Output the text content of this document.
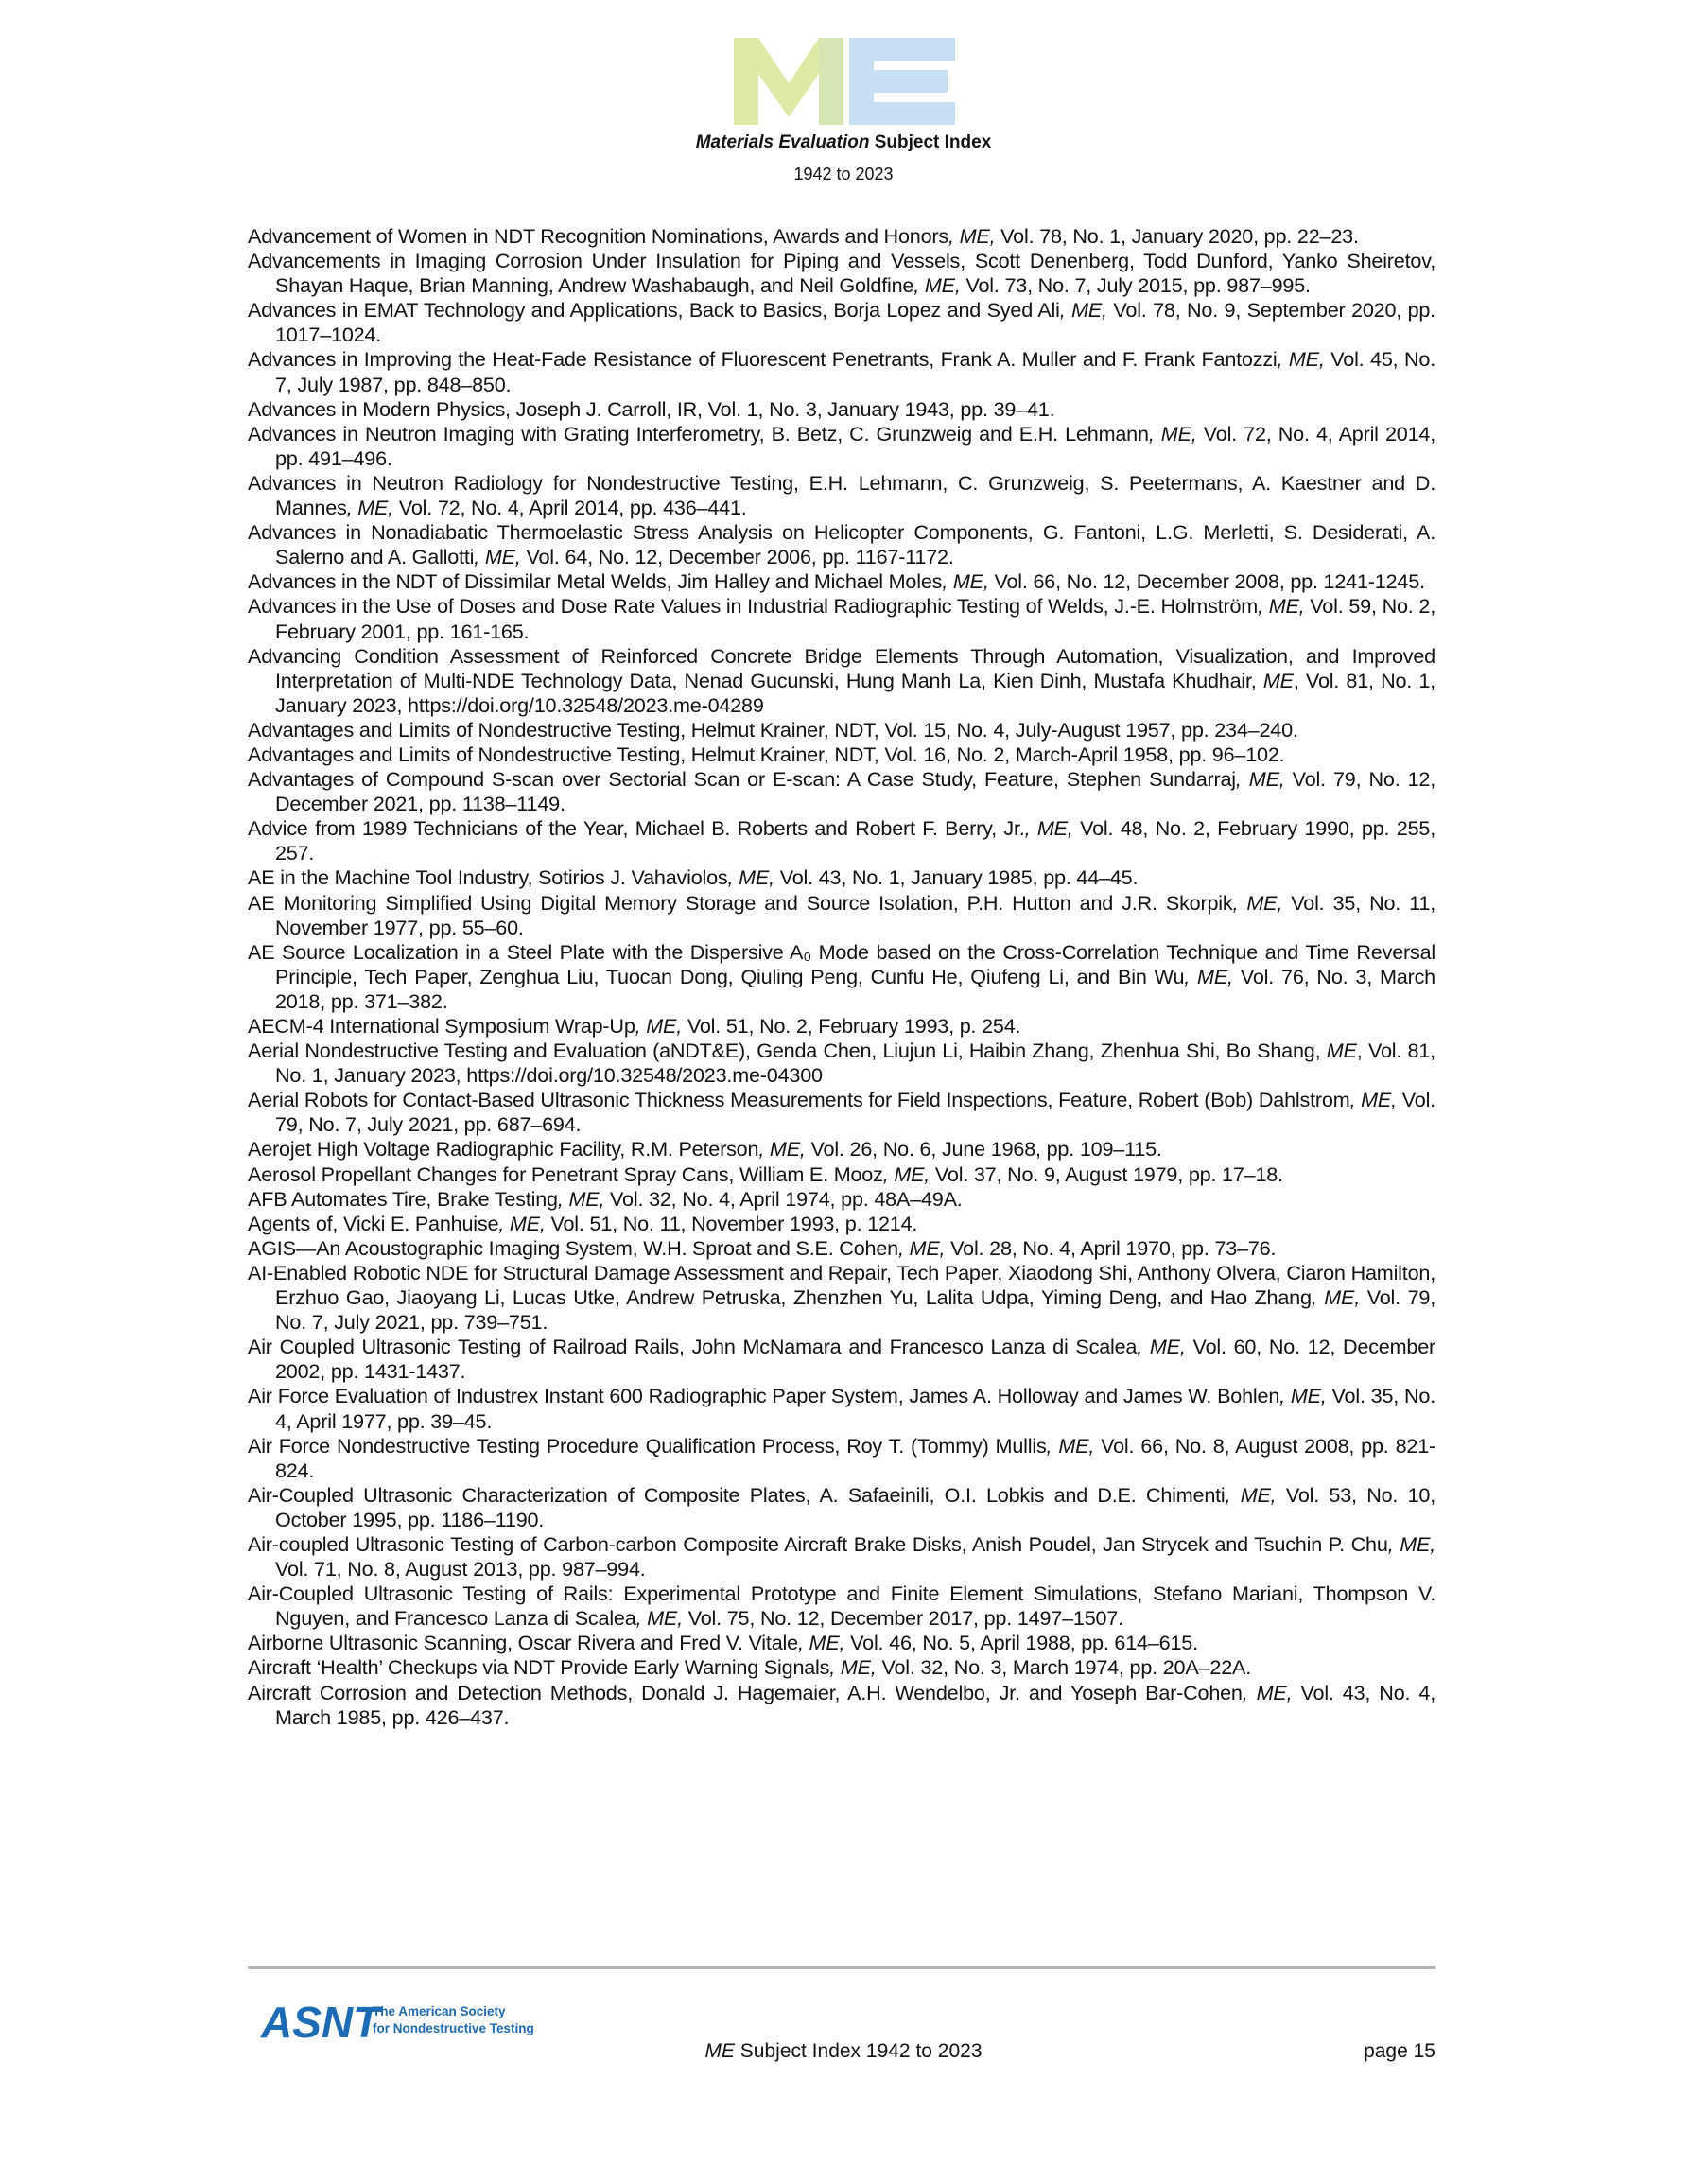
Materials Evaluation Subject Index
1942 to 2023
Advancement of Women in NDT Recognition Nominations, Awards and Honors, ME, Vol. 78, No. 1, January 2020, pp. 22–23.
Advancements in Imaging Corrosion Under Insulation for Piping and Vessels, Scott Denenberg, Todd Dunford, Yanko Sheiretov, Shayan Haque, Brian Manning, Andrew Washabaugh, and Neil Goldfine, ME, Vol. 73, No. 7, July 2015, pp. 987–995.
Advances in EMAT Technology and Applications, Back to Basics, Borja Lopez and Syed Ali, ME, Vol. 78, No. 9, September 2020, pp. 1017–1024.
Advances in Improving the Heat-Fade Resistance of Fluorescent Penetrants, Frank A. Muller and F. Frank Fantozzi, ME, Vol. 45, No. 7, July 1987, pp. 848–850.
Advances in Modern Physics, Joseph J. Carroll, IR, Vol. 1, No. 3, January 1943, pp. 39–41.
Advances in Neutron Imaging with Grating Interferometry, B. Betz, C. Grunzweig and E.H. Lehmann, ME, Vol. 72, No. 4, April 2014, pp. 491–496.
Advances in Neutron Radiology for Nondestructive Testing, E.H. Lehmann, C. Grunzweig, S. Peetermans, A. Kaestner and D. Mannes, ME, Vol. 72, No. 4, April 2014, pp. 436–441.
Advances in Nonadiabatic Thermoelastic Stress Analysis on Helicopter Components, G. Fantoni, L.G. Merletti, S. Desiderati, A. Salerno and A. Gallotti, ME, Vol. 64, No. 12, December 2006, pp. 1167-1172.
Advances in the NDT of Dissimilar Metal Welds, Jim Halley and Michael Moles, ME, Vol. 66, No. 12, December 2008, pp. 1241-1245.
Advances in the Use of Doses and Dose Rate Values in Industrial Radiographic Testing of Welds, J.-E. Holmström, ME, Vol. 59, No. 2, February 2001, pp. 161-165.
Advancing Condition Assessment of Reinforced Concrete Bridge Elements Through Automation, Visualization, and Improved Interpretation of Multi-NDE Technology Data, Nenad Gucunski, Hung Manh La, Kien Dinh, Mustafa Khudhair, ME, Vol. 81, No. 1, January 2023, https://doi.org/10.32548/2023.me-04289
Advantages and Limits of Nondestructive Testing, Helmut Krainer, NDT, Vol. 15, No. 4, July-August 1957, pp. 234–240.
Advantages and Limits of Nondestructive Testing, Helmut Krainer, NDT, Vol. 16, No. 2, March-April 1958, pp. 96–102.
Advantages of Compound S-scan over Sectorial Scan or E-scan: A Case Study, Feature, Stephen Sundarraj, ME, Vol. 79, No. 12, December 2021, pp. 1138–1149.
Advice from 1989 Technicians of the Year, Michael B. Roberts and Robert F. Berry, Jr., ME, Vol. 48, No. 2, February 1990, pp. 255, 257.
AE in the Machine Tool Industry, Sotirios J. Vahaviolos, ME, Vol. 43, No. 1, January 1985, pp. 44–45.
AE Monitoring Simplified Using Digital Memory Storage and Source Isolation, P.H. Hutton and J.R. Skorpik, ME, Vol. 35, No. 11, November 1977, pp. 55–60.
AE Source Localization in a Steel Plate with the Dispersive A₀ Mode based on the Cross-Correlation Technique and Time Reversal Principle, Tech Paper, Zenghua Liu, Tuocan Dong, Qiuling Peng, Cunfu He, Qiufeng Li, and Bin Wu, ME, Vol. 76, No. 3, March 2018, pp. 371–382.
AECM-4 International Symposium Wrap-Up, ME, Vol. 51, No. 2, February 1993, p. 254.
Aerial Nondestructive Testing and Evaluation (aNDT&E), Genda Chen, Liujun Li, Haibin Zhang, Zhenhua Shi, Bo Shang, ME, Vol. 81, No. 1, January 2023, https://doi.org/10.32548/2023.me-04300
Aerial Robots for Contact-Based Ultrasonic Thickness Measurements for Field Inspections, Feature, Robert (Bob) Dahlstrom, ME, Vol. 79, No. 7, July 2021, pp. 687–694.
Aerojet High Voltage Radiographic Facility, R.M. Peterson, ME, Vol. 26, No. 6, June 1968, pp. 109–115.
Aerosol Propellant Changes for Penetrant Spray Cans, William E. Mooz, ME, Vol. 37, No. 9, August 1979, pp. 17–18.
AFB Automates Tire, Brake Testing, ME, Vol. 32, No. 4, April 1974, pp. 48A–49A.
Agents of, Vicki E. Panhuise, ME, Vol. 51, No. 11, November 1993, p. 1214.
AGIS—An Acoustographic Imaging System, W.H. Sproat and S.E. Cohen, ME, Vol. 28, No. 4, April 1970, pp. 73–76.
AI-Enabled Robotic NDE for Structural Damage Assessment and Repair, Tech Paper, Xiaodong Shi, Anthony Olvera, Ciaron Hamilton, Erzhuo Gao, Jiaoyang Li, Lucas Utke, Andrew Petruska, Zhenzhen Yu, Lalita Udpa, Yiming Deng, and Hao Zhang, ME, Vol. 79, No. 7, July 2021, pp. 739–751.
Air Coupled Ultrasonic Testing of Railroad Rails, John McNamara and Francesco Lanza di Scalea, ME, Vol. 60, No. 12, December 2002, pp. 1431-1437.
Air Force Evaluation of Industrex Instant 600 Radiographic Paper System, James A. Holloway and James W. Bohlen, ME, Vol. 35, No. 4, April 1977, pp. 39–45.
Air Force Nondestructive Testing Procedure Qualification Process, Roy T. (Tommy) Mullis, ME, Vol. 66, No. 8, August 2008, pp. 821-824.
Air-Coupled Ultrasonic Characterization of Composite Plates, A. Safaeinili, O.I. Lobkis and D.E. Chimenti, ME, Vol. 53, No. 10, October 1995, pp. 1186–1190.
Air-coupled Ultrasonic Testing of Carbon-carbon Composite Aircraft Brake Disks, Anish Poudel, Jan Strycek and Tsuchin P. Chu, ME, Vol. 71, No. 8, August 2013, pp. 987–994.
Air-Coupled Ultrasonic Testing of Rails: Experimental Prototype and Finite Element Simulations, Stefano Mariani, Thompson V. Nguyen, and Francesco Lanza di Scalea, ME, Vol. 75, No. 12, December 2017, pp. 1497–1507.
Airborne Ultrasonic Scanning, Oscar Rivera and Fred V. Vitale, ME, Vol. 46, No. 5, April 1988, pp. 614–615.
Aircraft ‘Health’ Checkups via NDT Provide Early Warning Signals, ME, Vol. 32, No. 3, March 1974, pp. 20A–22A.
Aircraft Corrosion and Detection Methods, Donald J. Hagemaier, A.H. Wendelbo, Jr. and Yoseph Bar-Cohen, ME, Vol. 43, No. 4, March 1985, pp. 426–437.
ASNT
The American Society
for Nondestructive Testing
ME Subject Index 1942 to 2023	page 15
